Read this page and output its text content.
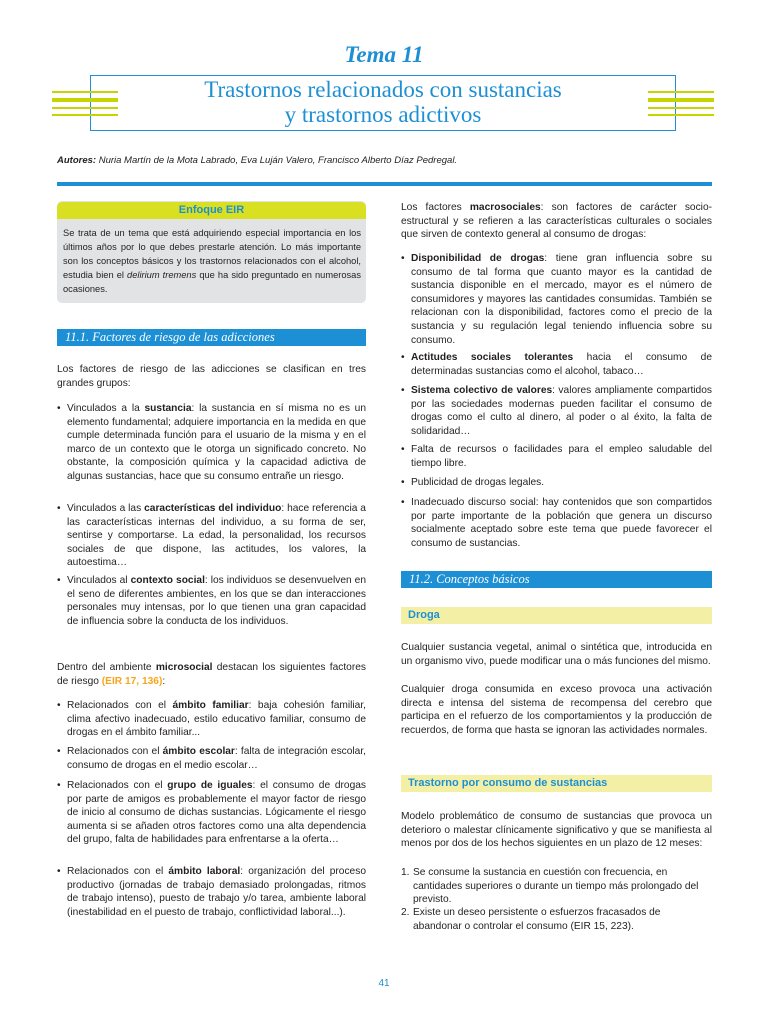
Tema 11
Trastornos relacionados con sustancias
y trastornos adictivos
Autores: Nuria Martín de la Mota Labrado, Eva Luján Valero, Francisco Alberto Díaz Pedregal.
Enfoque EIR
Se trata de un tema que está adquiriendo especial importancia en los últimos años por lo que debes prestarle atención. Lo más importante son los conceptos básicos y los trastornos relacionados con el alcohol, estudia bien el delirium tremens que ha sido preguntado en numerosas ocasiones.
11.1. Factores de riesgo de las adicciones
Los factores de riesgo de las adicciones se clasifican en tres grandes grupos:
• Vinculados a la sustancia: la sustancia en sí misma no es un elemento fundamental; adquiere importancia en la medida en que cumple determinada función para el usuario de la misma y en el marco de un contexto que le otorga un significado concreto. No obstante, la composición química y la capacidad adictiva de algunas sustancias, hace que su consumo entrañe un riesgo.
• Vinculados a las características del individuo: hace referencia a las características internas del individuo, a su forma de ser, sentirse y comportarse. La edad, la personalidad, los recursos sociales de que dispone, las actitudes, los valores, la autoestima…
• Vinculados al contexto social: los individuos se desenvuelven en el seno de diferentes ambientes, en los que se dan interacciones personales muy intensas, por lo que tienen una gran capacidad de influencia sobre la conducta de los individuos.
Dentro del ambiente microsocial destacan los siguientes factores de riesgo (EIR 17, 136):
• Relacionados con el ámbito familiar: baja cohesión familiar, clima afectivo inadecuado, estilo educativo familiar, consumo de drogas en el ámbito familiar...
• Relacionados con el ámbito escolar: falta de integración escolar, consumo de drogas en el medio escolar…
• Relacionados con el grupo de iguales: el consumo de drogas por parte de amigos es probablemente el mayor factor de riesgo de inicio al consumo de dichas sustancias. Lógicamente el riesgo aumenta si se añaden otros factores como una alta dependencia del grupo, falta de habilidades para enfrentarse a la oferta…
• Relacionados con el ámbito laboral: organización del proceso productivo (jornadas de trabajo demasiado prolongadas, ritmos de trabajo intenso), puesto de trabajo y/o tarea, ambiente laboral (inestabilidad en el puesto de trabajo, conflictividad laboral...).
Los factores macrosociales: son factores de carácter socio-estructural y se refieren a las características culturales o sociales que sirven de contexto general al consumo de drogas:
• Disponibilidad de drogas: tiene gran influencia sobre su consumo de tal forma que cuanto mayor es la cantidad de sustancia disponible en el mercado, mayor es el número de consumidores y mayores las cantidades consumidas. También se relacionan con la disponibilidad, factores como el precio de la sustancia y su regulación legal teniendo influencia sobre su consumo.
• Actitudes sociales tolerantes hacia el consumo de determinadas sustancias como el alcohol, tabaco…
• Sistema colectivo de valores: valores ampliamente compartidos por las sociedades modernas pueden facilitar el consumo de drogas como el culto al dinero, al poder o al éxito, la falta de solidaridad…
• Falta de recursos o facilidades para el empleo saludable del tiempo libre.
• Publicidad de drogas legales.
• Inadecuado discurso social: hay contenidos que son compartidos por parte importante de la población que genera un discurso socialmente aceptado sobre este tema que puede favorecer el consumo de sustancias.
11.2. Conceptos básicos
Droga
Cualquier sustancia vegetal, animal o sintética que, introducida en un organismo vivo, puede modificar una o más funciones del mismo.
Cualquier droga consumida en exceso provoca una activación directa e intensa del sistema de recompensa del cerebro que participa en el refuerzo de los comportamientos y la producción de recuerdos, de forma que hasta se ignoran las actividades normales.
Trastorno por consumo de sustancias
Modelo problemático de consumo de sustancias que provoca un deterioro o malestar clínicamente significativo y que se manifiesta al menos por dos de los hechos siguientes en un plazo de 12 meses:
1. Se consume la sustancia en cuestión con frecuencia, en cantidades superiores o durante un tiempo más prolongado del previsto.
2. Existe un deseo persistente o esfuerzos fracasados de abandonar o controlar el consumo (EIR 15, 223).
41
